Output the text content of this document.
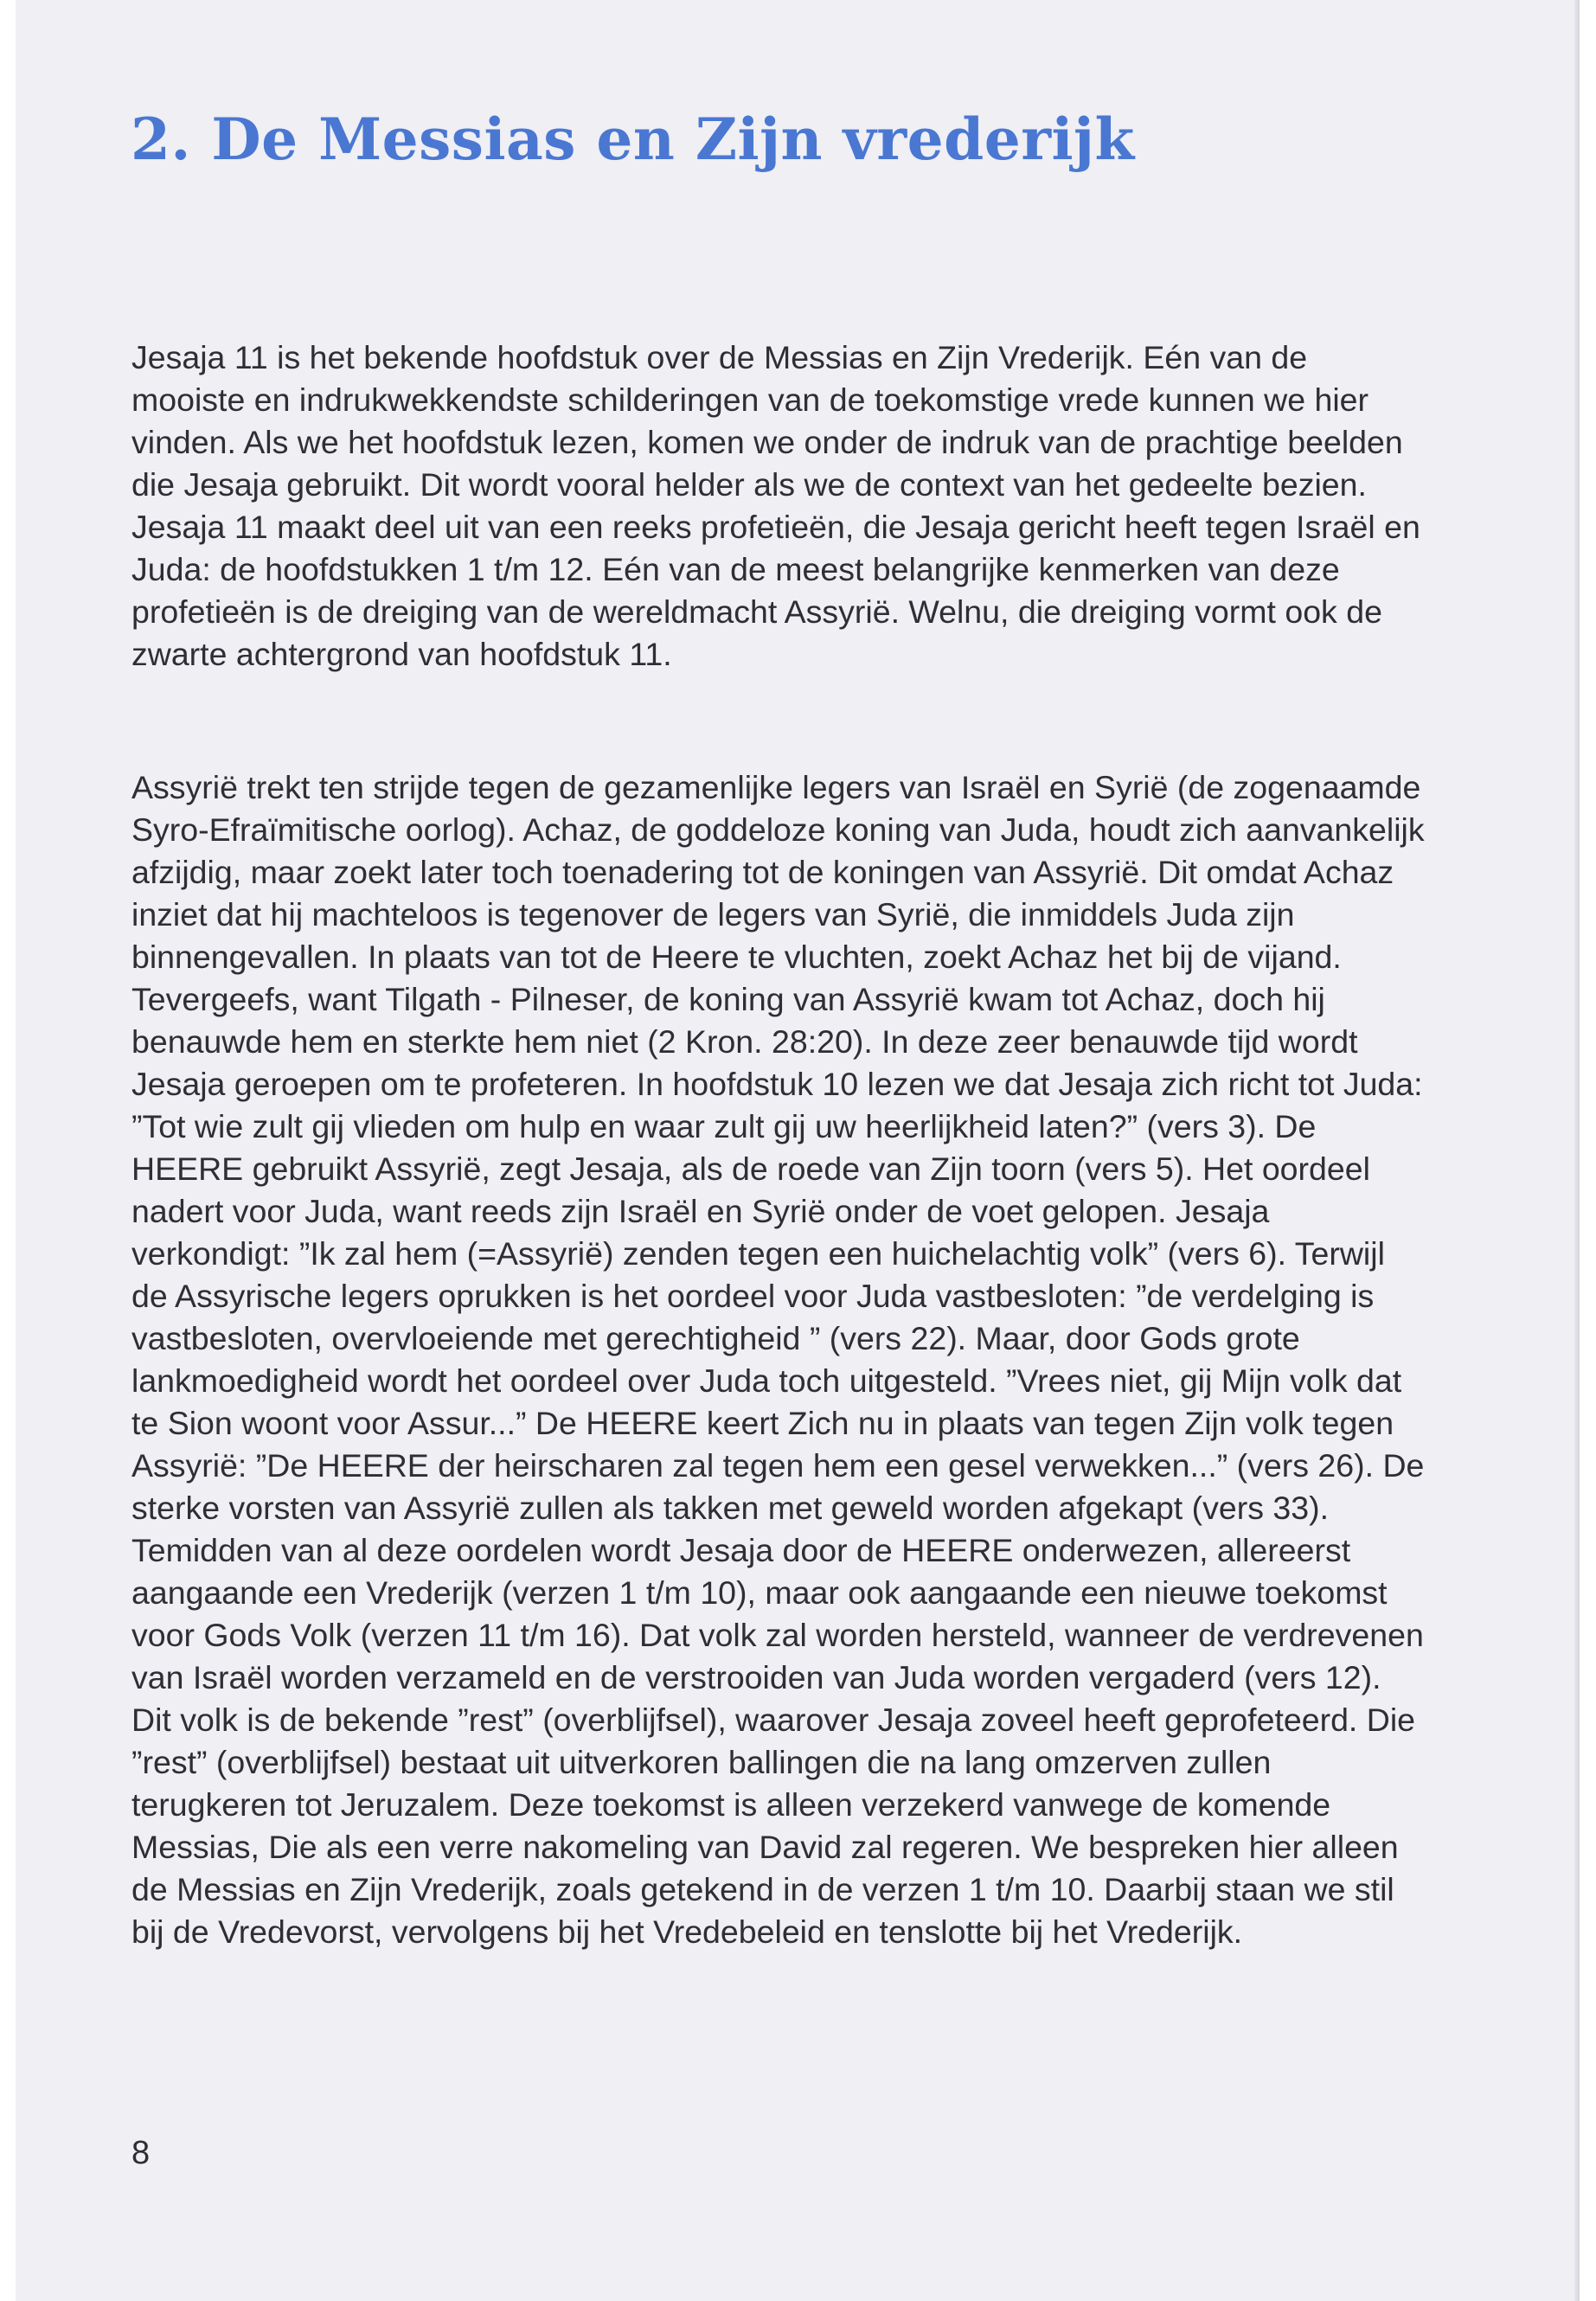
2. De Messias en Zijn vrederijk

Jesaja 11 is het bekende hoofdstuk over de Messias en Zijn Vrederijk. Eén van de mooiste en indrukwekkendste schilderingen van de toekomstige vrede kunnen we hier vinden. Als we het hoofdstuk lezen, komen we onder de indruk van de prachtige beelden die Jesaja gebruikt. Dit wordt vooral helder als we de context van het gedeelte bezien. Jesaja 11 maakt deel uit van een reeks profetieën, die Jesaja gericht heeft tegen Israël en Juda: de hoofdstukken 1 t/m 12. Eén van de meest belangrijke kenmerken van deze profetieën is de dreiging van de wereldmacht Assyrië. Welnu, die dreiging vormt ook de zwarte achtergrond van hoofdstuk 11.

Assyrië trekt ten strijde tegen de gezamenlijke legers van Israël en Syrië (de zogenaamde Syro-Efraïmitische oorlog). Achaz, de goddeloze koning van Juda, houdt zich aanvankelijk afzijdig, maar zoekt later toch toenadering tot de koningen van Assyrië. Dit omdat Achaz inziet dat hij machteloos is tegenover de legers van Syrië, die inmiddels Juda zijn binnengevallen. In plaats van tot de Heere te vluchten, zoekt Achaz het bij de vijand. Tevergeefs, want Tilgath - Pilneser, de koning van Assyrië kwam tot Achaz, doch hij benauwde hem en sterkte hem niet (2 Kron. 28:20). In deze zeer benauwde tijd wordt Jesaja geroepen om te profeteren. In hoofdstuk 10 lezen we dat Jesaja zich richt tot Juda: ”Tot wie zult gij vlieden om hulp en waar zult gij uw heerlijkheid laten?” (vers 3). De HEERE gebruikt Assyrië, zegt Jesaja, als de roede van Zijn toorn (vers 5). Het oordeel nadert voor Juda, want reeds zijn Israël en Syrië onder de voet gelopen. Jesaja verkondigt: ”Ik zal hem (=Assyrië) zenden tegen een huichelachtig volk” (vers 6). Terwijl de Assyrische legers oprukken is het oordeel voor Juda vastbesloten: ”de verdelging is vastbesloten, overvloeiende met gerechtigheid ” (vers 22). Maar, door Gods grote lankmoedigheid wordt het oordeel over Juda toch uitgesteld. ”Vrees niet, gij Mijn volk dat te Sion woont voor Assur...” De HEERE keert Zich nu in plaats van tegen Zijn volk tegen Assyrië: ”De HEERE der heirscharen zal tegen hem een gesel verwekken...” (vers 26). De sterke vorsten van Assyrië zullen als takken met geweld worden afgekapt (vers 33). Temidden van al deze oordelen wordt Jesaja door de HEERE onderwezen, allereerst aangaande een Vrederijk (verzen 1 t/m 10), maar ook aangaande een nieuwe toekomst voor Gods Volk (verzen 11 t/m 16). Dat volk zal worden hersteld, wanneer de verdrevenen van Israël worden verzameld en de verstrooiden van Juda worden vergaderd (vers 12). Dit volk is de bekende ”rest” (overblijfsel), waarover Jesaja zoveel heeft geprofeteerd. Die ”rest” (overblijfsel) bestaat uit uitverkoren ballingen die na lang omzerven zullen terugkeren tot Jeruzalem. Deze toekomst is alleen verzekerd vanwege de komende Messias, Die als een verre nakomeling van David zal regeren. We bespreken hier alleen de Messias en Zijn Vrederijk, zoals getekend in de verzen 1 t/m 10. Daarbij staan we stil bij de Vredevorst, vervolgens bij het Vredebeleid en tenslotte bij het Vrederijk.

8
